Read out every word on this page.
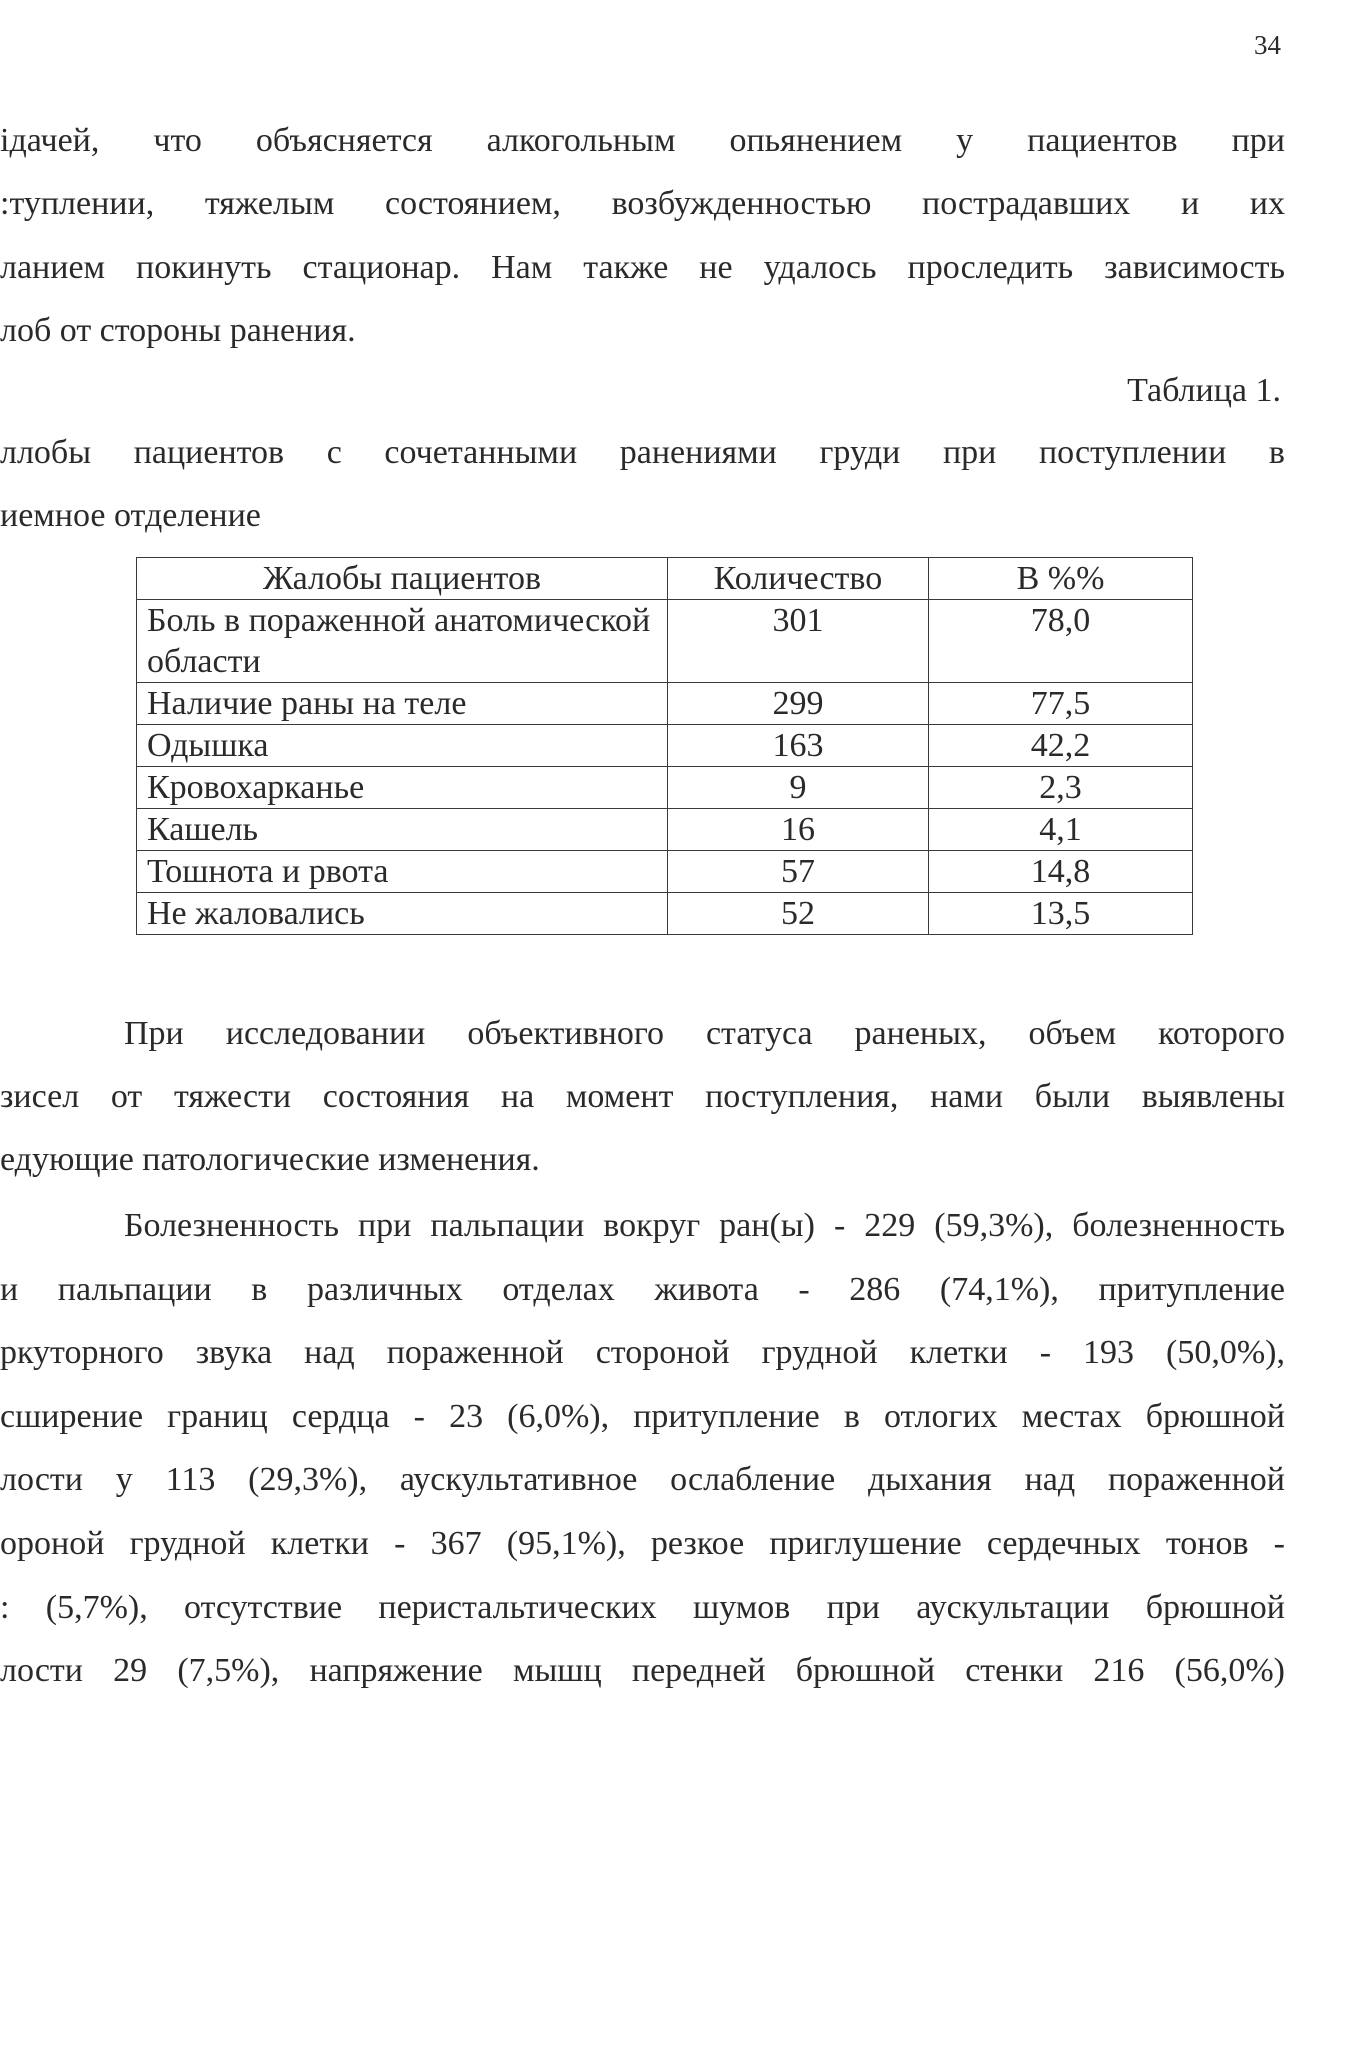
34
ідачей, что объясняется алкогольным опьянением у пациентов при
:туплении, тяжелым состоянием, возбужденностью пострадавших и их
ланием покинуть стационар. Нам также не удалось проследить зависимость
лоб от стороны ранения.
Таблица 1.
ллобы пациентов с сочетанными ранениями груди при поступлении в
иемное отделение
Жалобы пациентов	Количество	В %%
Боль в пораженной анатомической области	301	78,0
Наличие раны на теле	299	77,5
Одышка	163	42,2
Кровохарканье	9	2,3
Кашель	16	4,1
Тошнота и рвота	57	14,8
Не жаловались	52	13,5
При исследовании объективного статуса раненых, объем которого
зисел от тяжести состояния на момент поступления, нами были выявлены
едующие патологические изменения.
Болезненность при пальпации вокруг ран(ы) - 229 (59,3%), болезненность
и пальпации в различных отделах живота - 286 (74,1%), притупление
ркуторного звука над пораженной стороной грудной клетки - 193 (50,0%),
сширение границ сердца - 23 (6,0%), притупление в отлогих местах брюшной
лости у 113 (29,3%), аускультативное ослабление дыхания над пораженной
ороной грудной клетки - 367 (95,1%), резкое приглушение сердечных тонов -
: (5,7%), отсутствие перистальтических шумов при аускультации брюшной
лости 29 (7,5%), напряжение мышц передней брюшной стенки 216 (56,0%)
